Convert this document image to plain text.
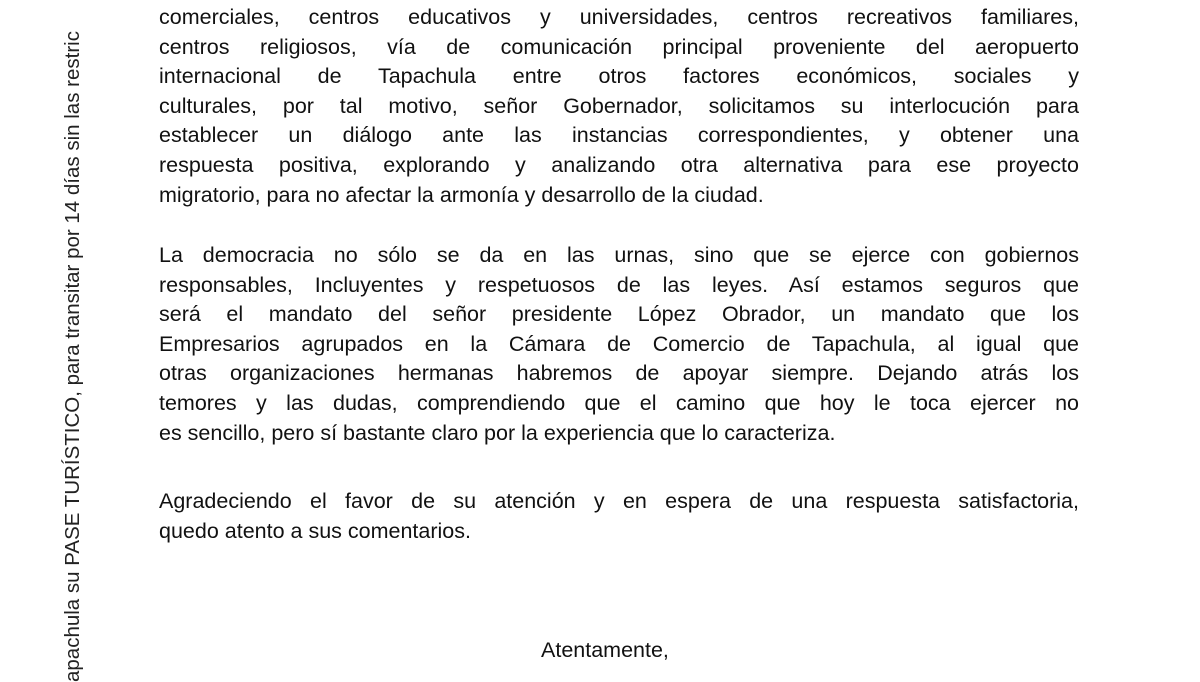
apachula su PASE TURÍSTICO, para transitar por 14 días sin las restric
comerciales, centros educativos y universidades, centros recreativos familiares,
centros religiosos, vía de comunicación principal proveniente del aeropuerto
internacional de Tapachula entre otros factores económicos, sociales y
culturales, por tal motivo, señor Gobernador, solicitamos su interlocución para
establecer un diálogo ante las instancias correspondientes, y obtener una
respuesta positiva, explorando y analizando otra alternativa para ese proyecto
migratorio, para no afectar la armonía y desarrollo de la ciudad.
La democracia no sólo se da en las urnas, sino que se ejerce con gobiernos
responsables, Incluyentes y respetuosos de las leyes. Así estamos seguros que
será el mandato del señor presidente López Obrador, un mandato que los
Empresarios agrupados en la Cámara de Comercio de Tapachula, al igual que
otras organizaciones hermanas habremos de apoyar siempre. Dejando atrás los
temores y las dudas, comprendiendo que el camino que hoy le toca ejercer no
es sencillo, pero sí bastante claro por la experiencia que lo caracteriza.
Agradeciendo el favor de su atención y en espera de una respuesta satisfactoria,
quedo atento a sus comentarios.
Atentamente,
